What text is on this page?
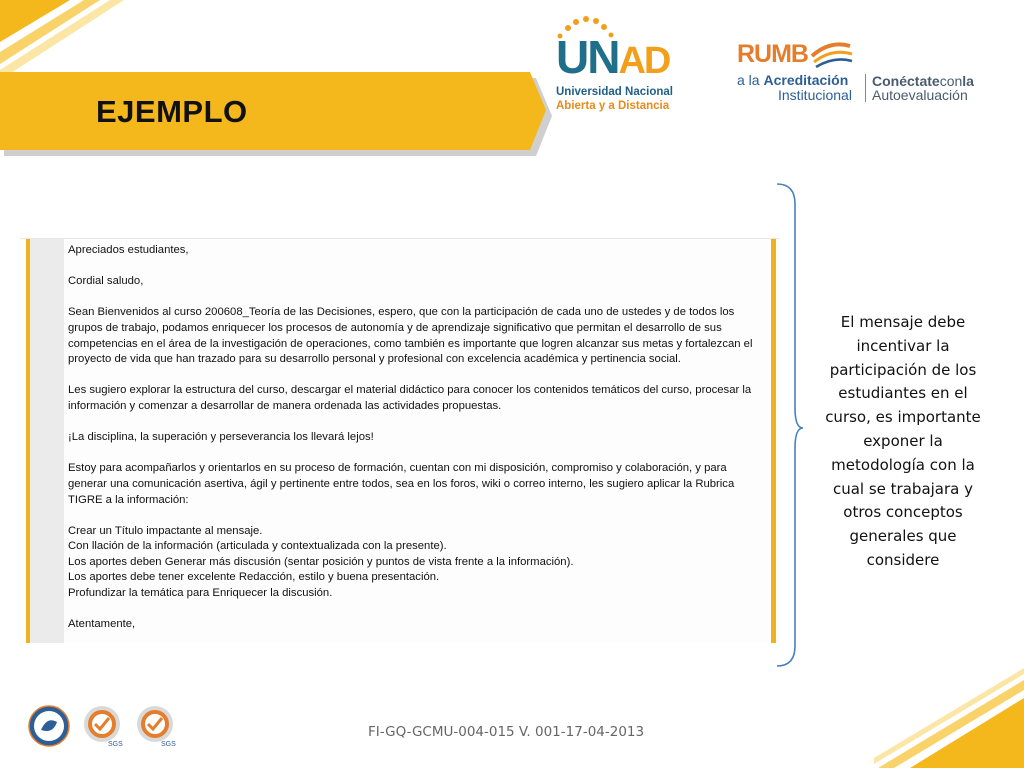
EJEMPLO
UNAD
Universidad Nacional
Abierta y a Distancia
RUMB
a la Acreditación
Institucional
Conéctateconla
Autoevaluación

Apreciados estudiantes,

Cordial saludo,

Sean Bienvenidos al curso 200608_Teoría de las Decisiones, espero, que con la participación de cada uno de ustedes y de todos los grupos de trabajo, podamos enriquecer los procesos de autonomía y de aprendizaje significativo que permitan el desarrollo de sus competencias en el área de la investigación de operaciones, como también es importante que logren alcanzar sus metas y fortalezcan el proyecto de vida que han trazado para su desarrollo personal y profesional con excelencia académica y pertinencia social.

Les sugiero explorar la estructura del curso, descargar el material didáctico para conocer los contenidos temáticos del curso, procesar la información y comenzar a desarrollar de manera ordenada las actividades propuestas.

¡La disciplina, la superación y perseverancia los llevará lejos!

Estoy para acompañarlos y orientarlos en su proceso de formación, cuentan con mi disposición, compromiso y colaboración, y para generar una comunicación asertiva, ágil y pertinente entre todos, sea en los foros, wiki o correo interno, les sugiero aplicar la Rubrica TIGRE a la información:

Crear un Título impactante al mensaje.
Con llación de la información (articulada y contextualizada con la presente).
Los aportes deben Generar más discusión (sentar posición y puntos de vista frente a la información).
Los aportes debe tener excelente Redacción, estilo y buena presentación.
Profundizar la temática para Enriquecer la discusión.

Atentamente,

El mensaje debe incentivar la participación de los estudiantes en el curso, es importante exponer la metodología con la cual se trabajara y otros conceptos generales que considere
SGS	SGS
FI-GQ-GCMU-004-015 V. 001-17-04-2013
